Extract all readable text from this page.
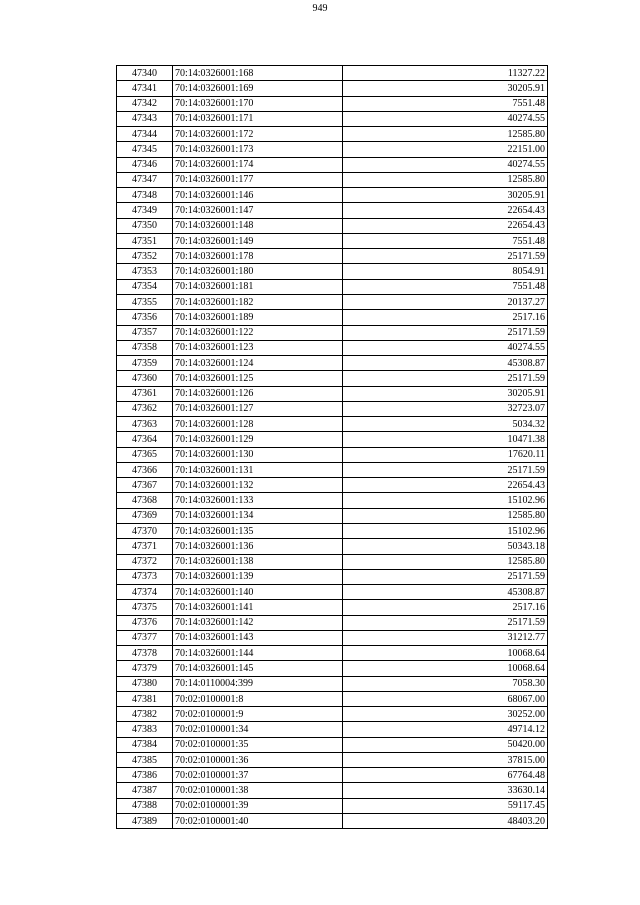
949
47340	70:14:0326001:168	11327.22
47341	70:14:0326001:169	30205.91
47342	70:14:0326001:170	7551.48
47343	70:14:0326001:171	40274.55
47344	70:14:0326001:172	12585.80
47345	70:14:0326001:173	22151.00
47346	70:14:0326001:174	40274.55
47347	70:14:0326001:177	12585.80
47348	70:14:0326001:146	30205.91
47349	70:14:0326001:147	22654.43
47350	70:14:0326001:148	22654.43
47351	70:14:0326001:149	7551.48
47352	70:14:0326001:178	25171.59
47353	70:14:0326001:180	8054.91
47354	70:14:0326001:181	7551.48
47355	70:14:0326001:182	20137.27
47356	70:14:0326001:189	2517.16
47357	70:14:0326001:122	25171.59
47358	70:14:0326001:123	40274.55
47359	70:14:0326001:124	45308.87
47360	70:14:0326001:125	25171.59
47361	70:14:0326001:126	30205.91
47362	70:14:0326001:127	32723.07
47363	70:14:0326001:128	5034.32
47364	70:14:0326001:129	10471.38
47365	70:14:0326001:130	17620.11
47366	70:14:0326001:131	25171.59
47367	70:14:0326001:132	22654.43
47368	70:14:0326001:133	15102.96
47369	70:14:0326001:134	12585.80
47370	70:14:0326001:135	15102.96
47371	70:14:0326001:136	50343.18
47372	70:14:0326001:138	12585.80
47373	70:14:0326001:139	25171.59
47374	70:14:0326001:140	45308.87
47375	70:14:0326001:141	2517.16
47376	70:14:0326001:142	25171.59
47377	70:14:0326001:143	31212.77
47378	70:14:0326001:144	10068.64
47379	70:14:0326001:145	10068.64
47380	70:14:0110004:399	7058.30
47381	70:02:0100001:8	68067.00
47382	70:02:0100001:9	30252.00
47383	70:02:0100001:34	49714.12
47384	70:02:0100001:35	50420.00
47385	70:02:0100001:36	37815.00
47386	70:02:0100001:37	67764.48
47387	70:02:0100001:38	33630.14
47388	70:02:0100001:39	59117.45
47389	70:02:0100001:40	48403.20
